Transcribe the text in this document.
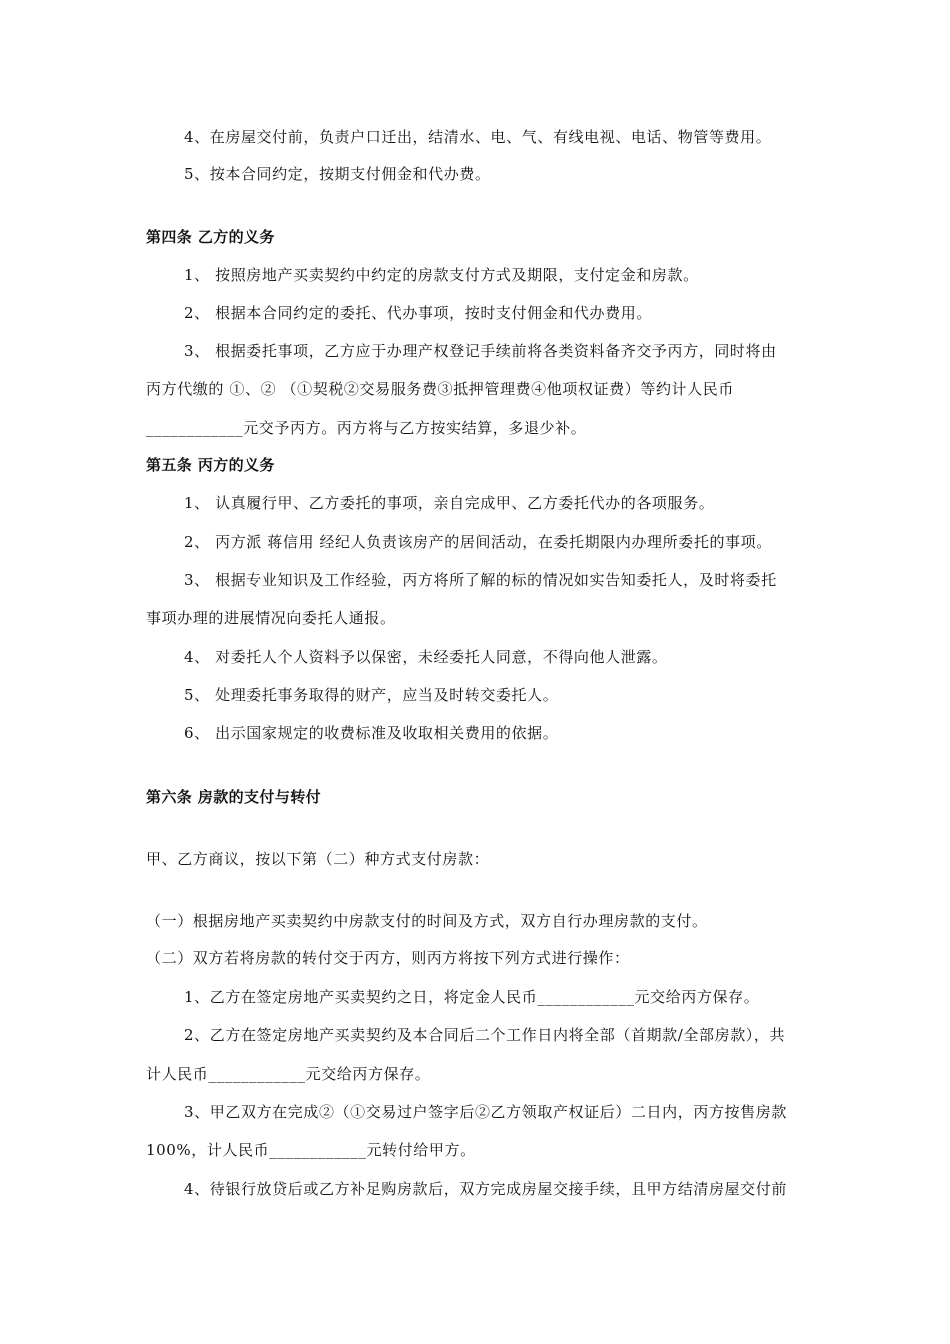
4、在房屋交付前，负责户口迁出，结清水、电、气、有线电视、电话、物管等费用。
5、按本合同约定，按期支付佣金和代办费。
第四条 乙方的义务
1、 按照房地产买卖契约中约定的房款支付方式及期限，支付定金和房款。
2、 根据本合同约定的委托、代办事项，按时支付佣金和代办费用。
3、 根据委托事项，乙方应于办理产权登记手续前将各类资料备齐交予丙方，同时将由
丙方代缴的 ①、② （①契税②交易服务费③抵押管理费④他项权证费）等约计人民币
____________元交予丙方。丙方将与乙方按实结算，多退少补。
第五条 丙方的义务
1、 认真履行甲、乙方委托的事项，亲自完成甲、乙方委托代办的各项服务。
2、 丙方派 蒋信用 经纪人负责该房产的居间活动，在委托期限内办理所委托的事项。
3、 根据专业知识及工作经验，丙方将所了解的标的情况如实告知委托人，及时将委托
事项办理的进展情况向委托人通报。
4、 对委托人个人资料予以保密，未经委托人同意，不得向他人泄露。
5、 处理委托事务取得的财产，应当及时转交委托人。
6、 出示国家规定的收费标准及收取相关费用的依据。
第六条 房款的支付与转付
甲、乙方商议，按以下第（二）种方式支付房款：
（一）根据房地产买卖契约中房款支付的时间及方式，双方自行办理房款的支付。
（二）双方若将房款的转付交于丙方，则丙方将按下列方式进行操作：
1、乙方在签定房地产买卖契约之日，将定金人民币____________元交给丙方保存。
2、乙方在签定房地产买卖契约及本合同后二个工作日内将全部（首期款/全部房款），共
计人民币____________元交给丙方保存。
3、甲乙双方在完成②（①交易过户签字后②乙方领取产权证后）二日内，丙方按售房款
100%，计人民币____________元转付给甲方。
4、待银行放贷后或乙方补足购房款后，双方完成房屋交接手续，且甲方结清房屋交付前
